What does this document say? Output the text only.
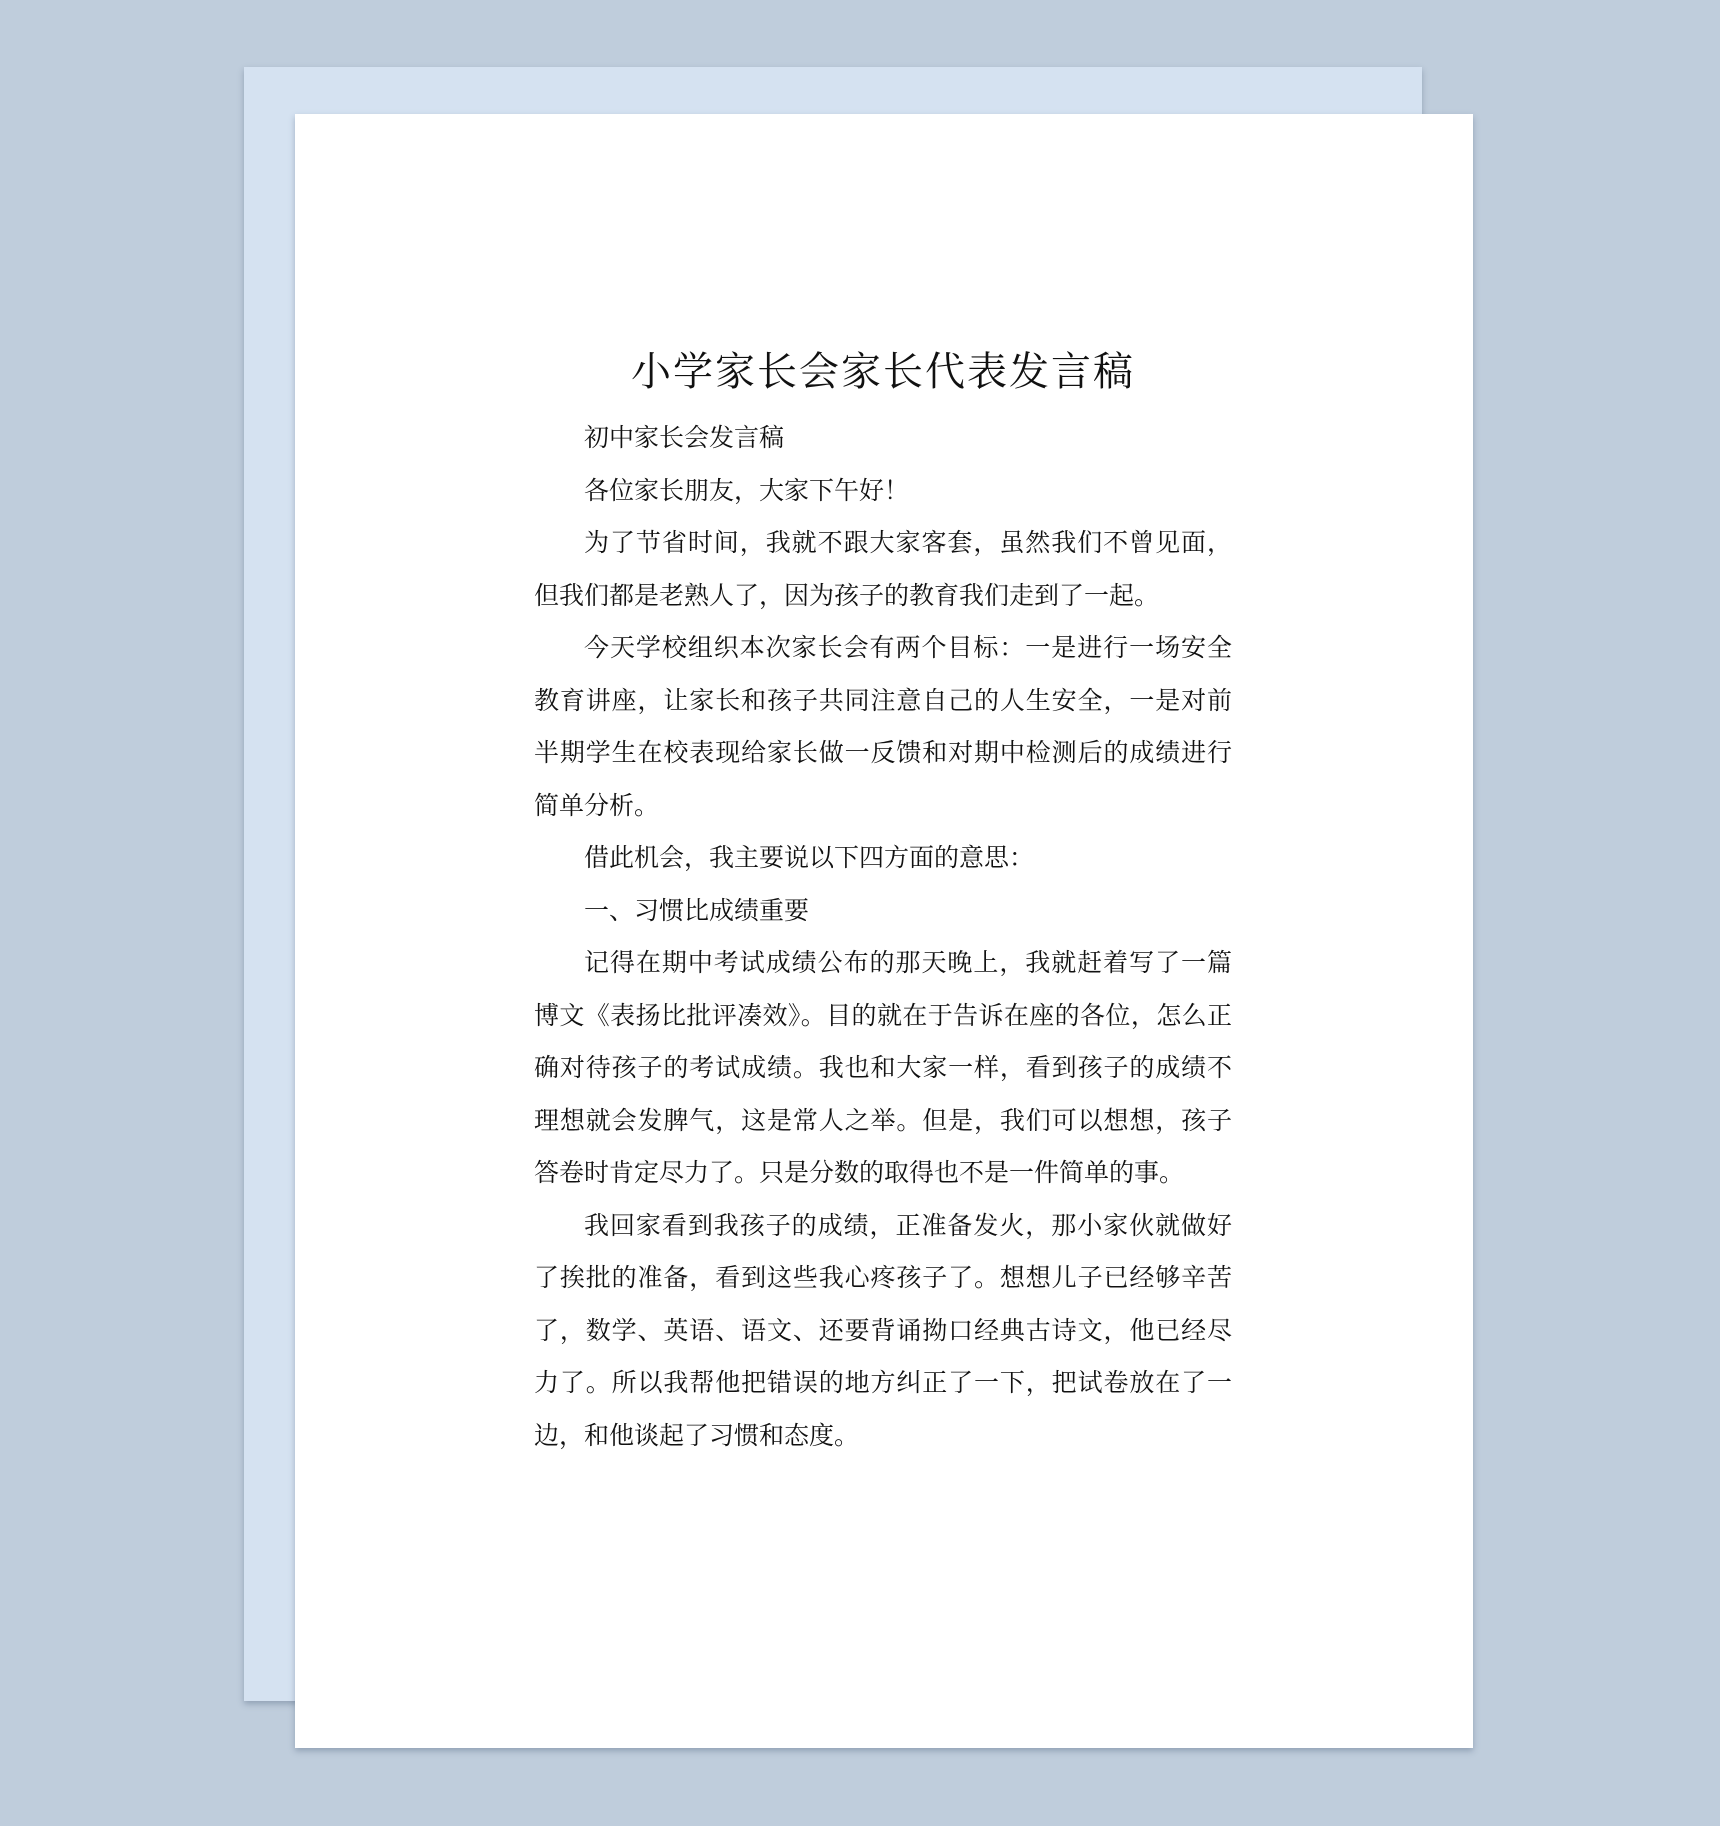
小学家长会家长代表发言稿

初中家长会发言稿

各位家长朋友，大家下午好！

为了节省时间，我就不跟大家客套，虽然我们不曾见面，但我们都是老熟人了，因为孩子的教育我们走到了一起。

今天学校组织本次家长会有两个目标：一是进行一场安全教育讲座，让家长和孩子共同注意自己的人生安全，一是对前半期学生在校表现给家长做一反馈和对期中检测后的成绩进行简单分析。

借此机会，我主要说以下四方面的意思：

一、习惯比成绩重要

记得在期中考试成绩公布的那天晚上，我就赶着写了一篇博文《表扬比批评凑效》。目的就在于告诉在座的各位，怎么正确对待孩子的考试成绩。我也和大家一样，看到孩子的成绩不理想就会发脾气，这是常人之举。但是，我们可以想想，孩子答卷时肯定尽力了。只是分数的取得也不是一件简单的事。

我回家看到我孩子的成绩，正准备发火，那小家伙就做好了挨批的准备，看到这些我心疼孩子了。想想儿子已经够辛苦了，数学、英语、语文、还要背诵拗口经典古诗文，他已经尽力了。所以我帮他把错误的地方纠正了一下，把试卷放在了一边，和他谈起了习惯和态度。
